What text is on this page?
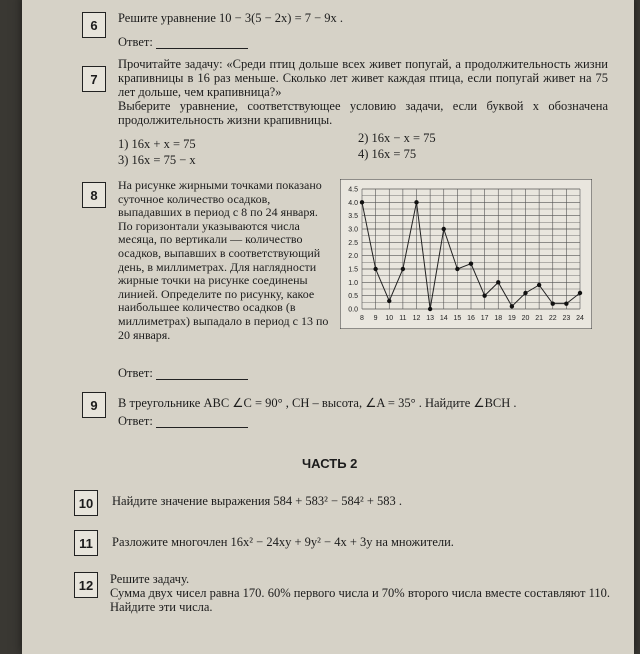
6	Решите уравнение 10 − 3(5 − 2x) = 7 − 9x .
Ответ:
7
Прочитайте задачу: «Среди птиц дольше всех живет попугай, а продолжительность жизни крапивницы в 16 раз меньше. Сколько лет живет каждая птица, если попугай живет на 75 лет дольше, чем крапивница?»
Выберите уравнение, соответствующее условию задачи, если буквой x обозначена продолжительность жизни крапивницы.
1) 16x + x = 75	2) 16x − x = 75
3) 16x = 75 − x	4) 16x = 75
8
На рисунке жирными точками показано суточное количество осадков, выпадавших в период с 8 по 24 января. По горизонтали указываются числа месяца, по вертикали — количество осадков, выпавших в соответствующий день, в миллиметрах. Для наглядности жирные точки на рисунке соединены линией. Определите по рисунку, какое наибольшее количество осадков (в миллиметрах) выпадало в период с 13 по 20 января.
0.0
0.5
1.0
1.5
2.0
2.5
3.0
3.5
4.0
4.5
8 9 10 11 12 13 14 15 16 17 18 19 20 21 22 23 24
Ответ:
9	В треугольнике ABC ∠C = 90° , CH – высота, ∠A = 35° . Найдите ∠BCH .
Ответ:
ЧАСТЬ 2
10	Найдите значение выражения 584 + 583² − 584² + 583 .
11	Разложите многочлен 16x² − 24xy + 9y² − 4x + 3y на множители.
12	Решите задачу.
Сумма двух чисел равна 170. 60% первого числа и 70% второго числа вместе составляют 110. Найдите эти числа.
